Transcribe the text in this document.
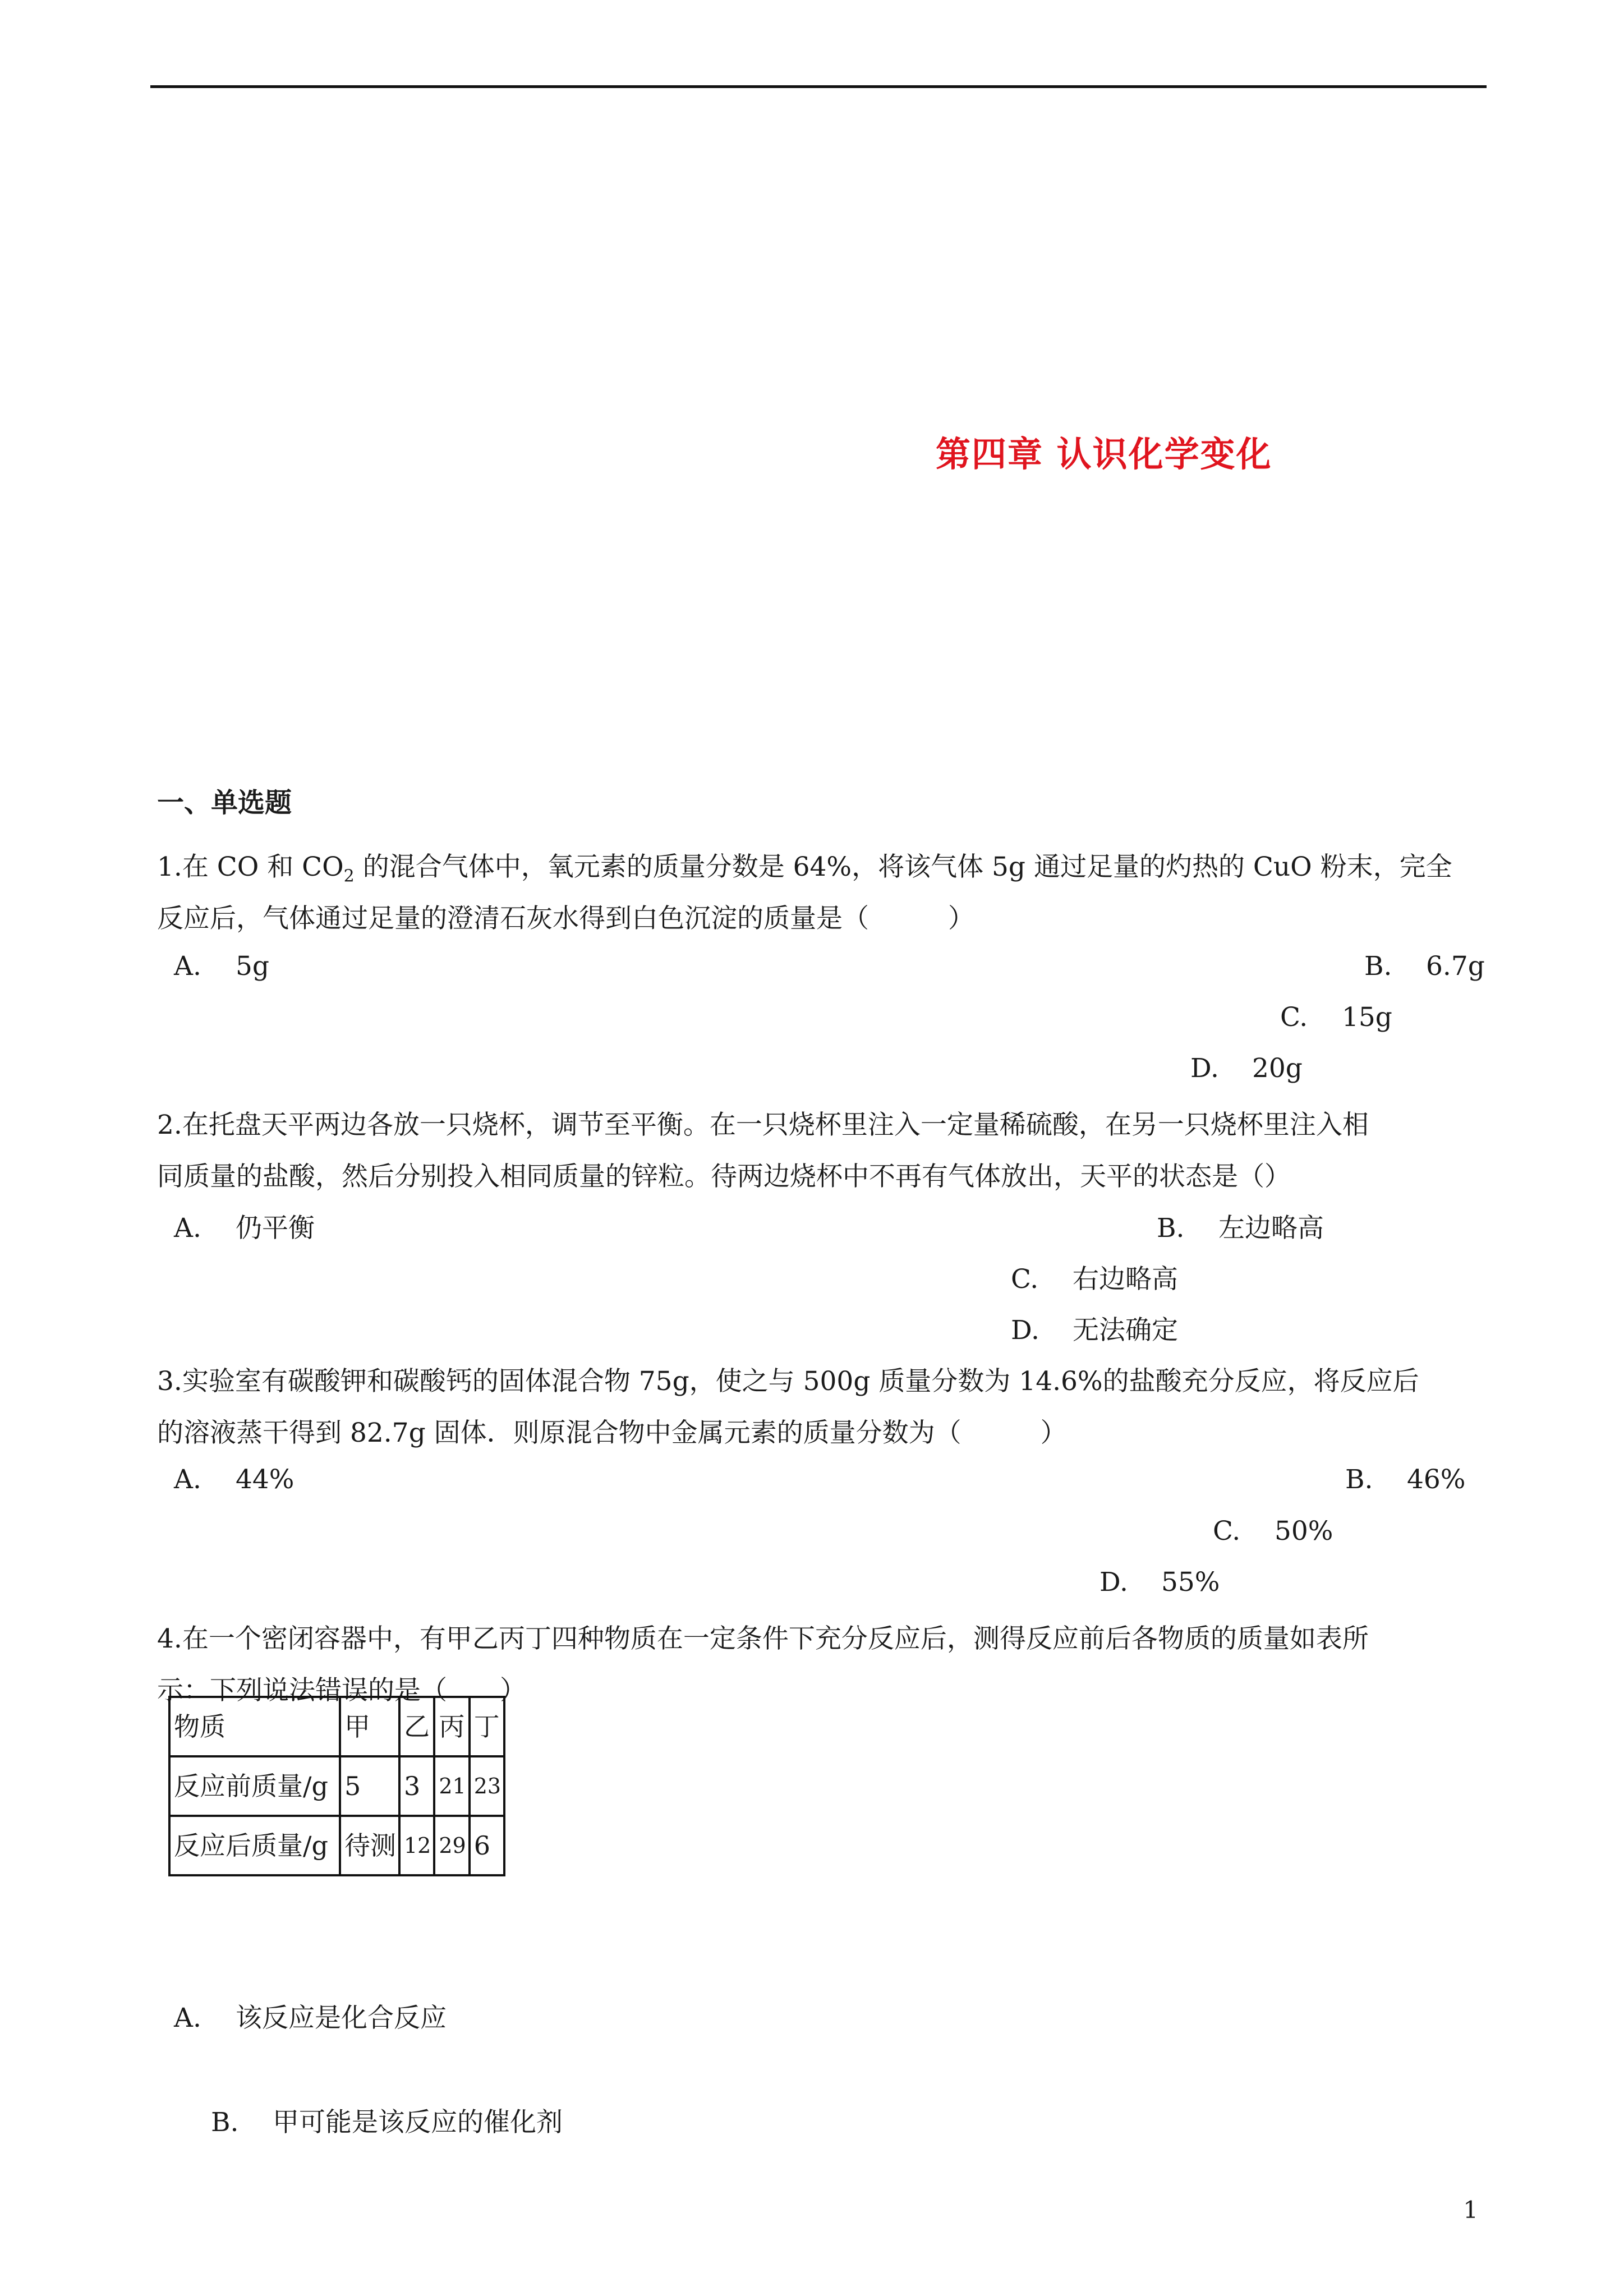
第四章 认识化学变化
一、单选题
1.在 CO 和 $CO_2$ 的混合气体中，氧元素的质量分数是 64%，将该气体 5g 通过足量的灼热的 CuO 粉末，完全
反应后，气体通过足量的澄清石灰水得到白色沉淀的质量是（　　　）
A. 5g	B. 6.7g
C. 15g
D. 20g
2.在托盘天平两边各放一只烧杯，调节至平衡。在一只烧杯里注入一定量稀硫酸，在另一只烧杯里注入相
同质量的盐酸，然后分别投入相同质量的锌粒。待两边烧杯中不再有气体放出，天平的状态是（）
A. 仍平衡	B. 左边略高
C. 右边略高
D. 无法确定
3.实验室有碳酸钾和碳酸钙的固体混合物 75g，使之与 500g 质量分数为 14.6%的盐酸充分反应，将反应后
的溶液蒸干得到 82.7g 固体．则原混合物中金属元素的质量分数为（　　　）
A. 44%	B. 46%
C. 50%
D. 55%
4.在一个密闭容器中，有甲乙丙丁四种物质在一定条件下充分反应后，测得反应前后各物质的质量如表所
示：下列说法错误的是（　　）
物质	甲	乙	丙	丁
反应前质量/g	5	3	21	23
反应后质量/g	待测	12	29	6
A. 该反应是化合反应
B. 甲可能是该反应的催化剂
1
